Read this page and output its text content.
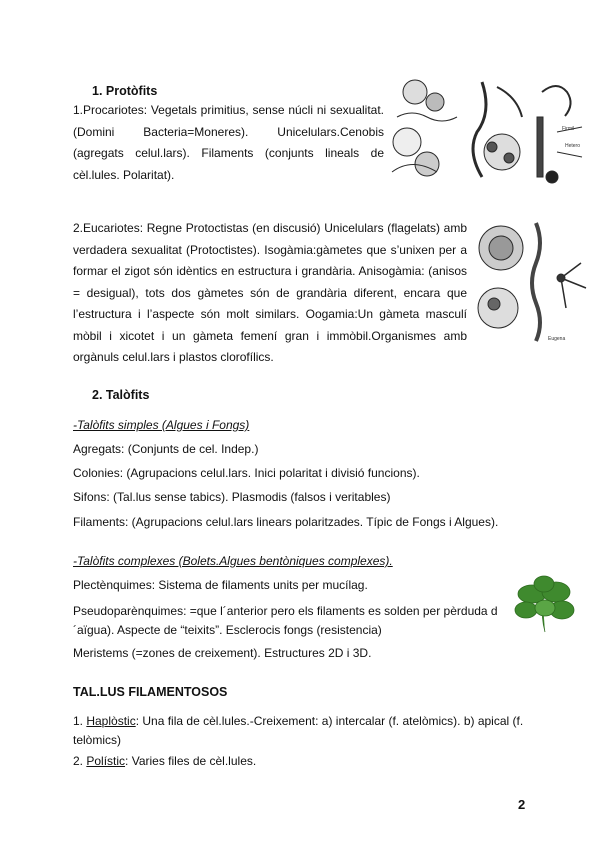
1. Protòfits
1.Procariotes: Vegetals primitius, sense núcli ni sexualitat. (Domini Bacteria=Moneres). Unicelulars.Cenobis (agregats celul.lars). Filaments (conjunts lineals de cèl.lules. Polaritat).
Firmil
Hetero
2.Eucariotes: Regne Protoctistas (en discusió) Unicelulars (flagelats) amb verdadera sexualitat (Protoctistes). Isogàmia:gàmetes que s’unixen per a formar el zigot són idèntics en estructura i grandària. Anisogàmia: (anisos = desigual), tots dos gàmetes són de grandària diferent, encara que l’estructura i l’aspecte són molt similars. Oogamia:Un gàmeta masculí mòbil i xicotet i un gàmeta femení gran i immòbil.Organismes amb orgànuls celul.lars i plastos clorofílics.
Eugena
2. Talòfits
-Talòfits simples (Algues i Fongs)
Agregats: (Conjunts de cel. Indep.)
Colonies: (Agrupacions celul.lars. Inici polaritat i divisió funcions).
Sifons: (Tal.lus sense tabics). Plasmodis (falsos i veritables)
Filaments: (Agrupacions celul.lars linears polaritzades. Típic de Fongs i Algues).
-Talòfits complexes (Bolets.Algues bentòniques complexes).
Plectènquimes: Sistema de filaments units per mucílag.
Pseudoparènquimes: =que l´anterior pero els filaments es solden per pèrduda d´aïgua). Aspecte de “teixits”. Esclerocis fongs (resistencia)
Meristems (=zones de creixement). Estructures 2D i 3D.
TAL.LUS FILAMENTOSOS
1. Haplòstic: Una fila de cèl.lules.-Creixement: a) intercalar (f. atelòmics). b) apical (f. telòmics)
2. Polístic: Varies files de cèl.lules.
2
